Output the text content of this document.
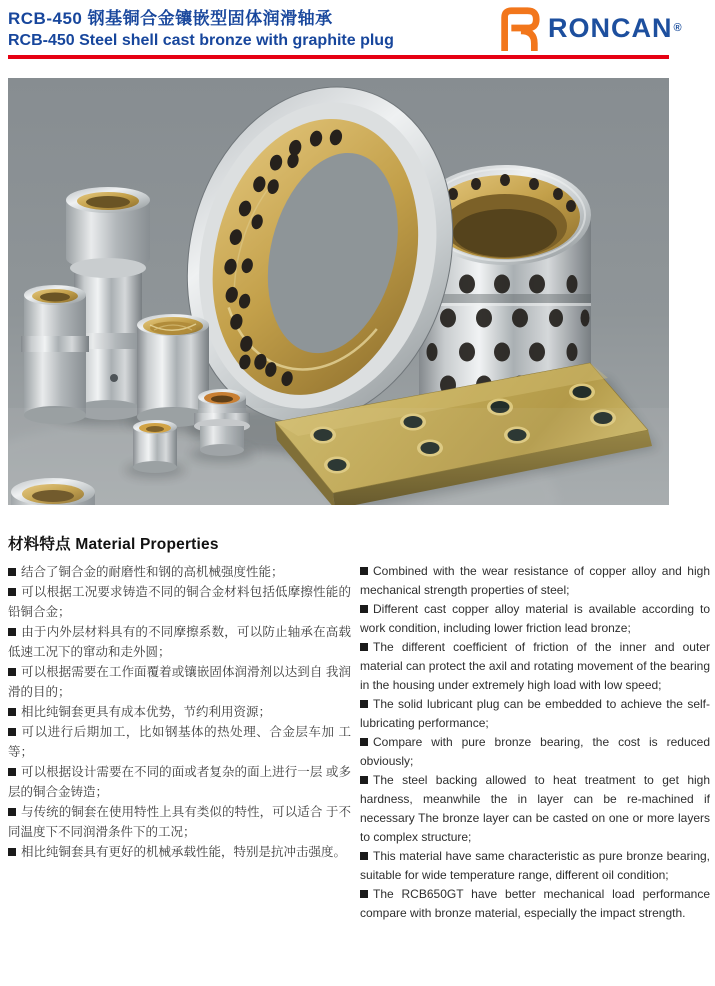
RCB-450 钢基铜合金镶嵌型固体润滑轴承
RCB-450 Steel shell cast bronze with graphite plug	RONCAN ®
材料特点 Material Properties
结合了铜合金的耐磨性和钢的高机械强度性能；
可以根据工况要求铸造不同的铜合金材料包括低摩擦性能的铅铜合金；
由于内外层材料具有的不同摩擦系数，可以防止轴承在高载低速工况下的窜动和走外圆；
可以根据需要在工作面覆着或镶嵌固体润滑剂以达到自 我润滑的目的；
相比纯铜套更具有成本优势，节约利用资源；
可以进行后期加工，比如钢基体的热处理、合金层车加 工等；
可以根据设计需要在不同的面或者复杂的面上进行一层 或多层的铜合金铸造；
与传统的铜套在使用特性上具有类似的特性，可以适合 于不同温度下不同润滑条件下的工况；
相比纯铜套具有更好的机械承载性能，特别是抗冲击强度。
Combined with the wear resistance of copper alloy and high mechanical strength properties of steel;
Different cast copper alloy material is available according to work condition, including lower friction lead bronze;
The different coefficient of friction of the inner and outer material can protect the axil and rotating movement of the bearing in the housing under extremely high load with low speed;
The solid lubricant plug can be embedded to achieve the self-lubricating performance;
Compare with pure bronze bearing, the cost is reduced obviously;
The steel backing allowed to heat treatment to get high hardness, meanwhile the in layer can be re-machined if necessary The bronze layer can be casted on one or more layers to complex structure;
This material have same characteristic as pure bronze bearing, suitable for wide temperature range, different oil condition;
The RCB650GT have better mechanical load performance compare with bronze material, especially the impact strength.
